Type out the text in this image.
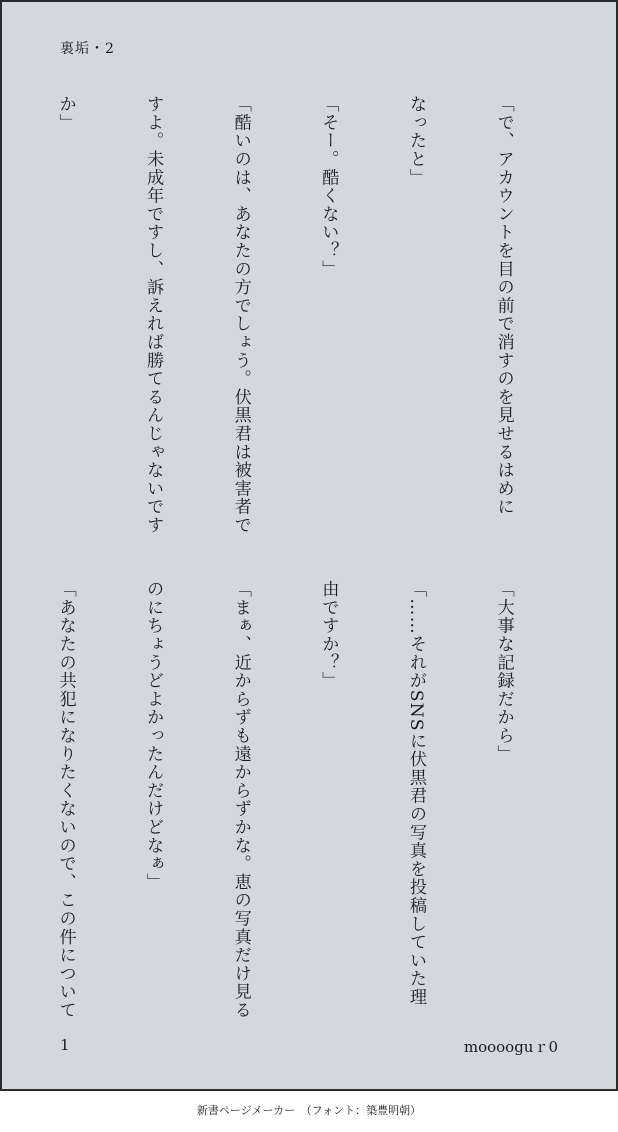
裏垢・2

「で、アカウントを目の前で消すのを見せるはめに

なったと」

「そー。酷くない？」

「酷いのは、あなたの方でしょう。伏黒君は被害者で

すよ。未成年ですし、訴えれば勝てるんじゃないです

か」

「大事な記録だから」

「……それがSNSに伏黒君の写真を投稿していた理

由ですか？」

「まぁ、近からずも遠からずかな。恵の写真だけ見る

のにちょうどよかったんだけどなぁ」

「あなたの共犯になりたくないので、この件について

1	mooooguｒ0
新書ページメーカー　（フォント：築豊明朝）
